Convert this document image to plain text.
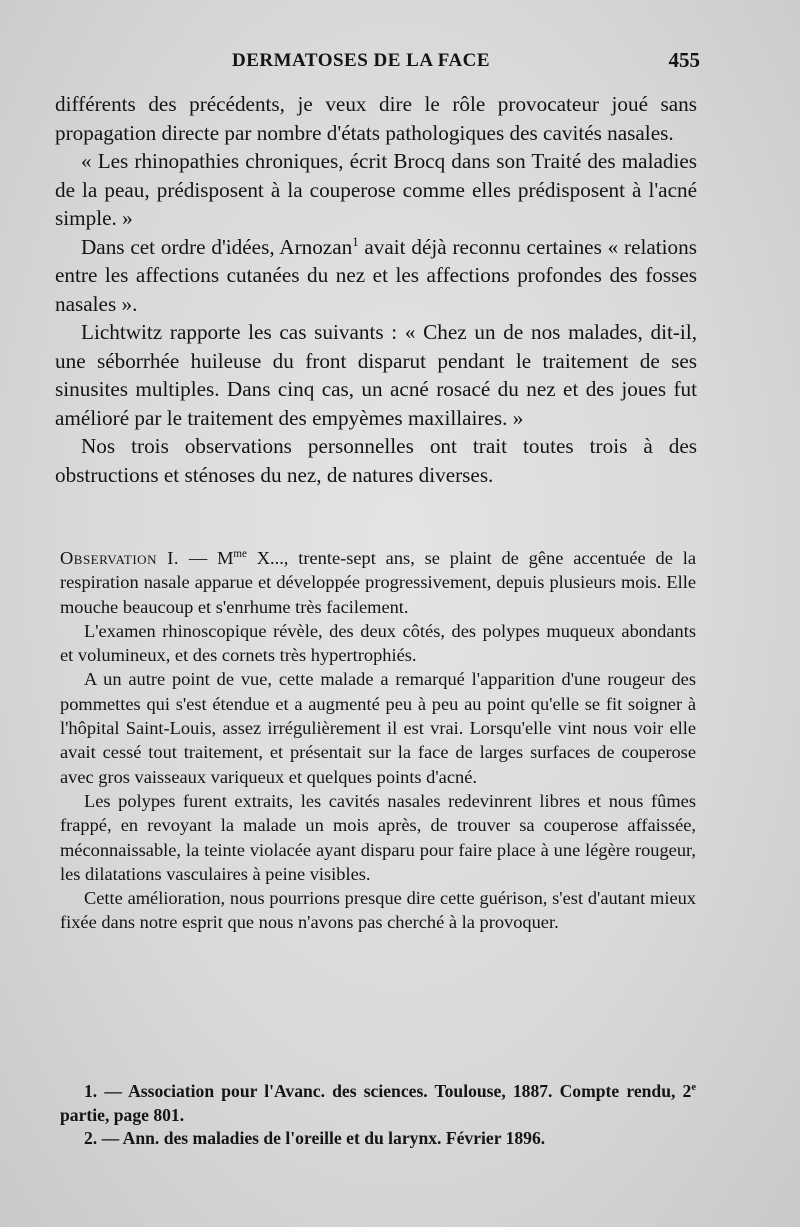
DERMATOSES DE LA FACE	455

différents des précédents, je veux dire le rôle provocateur joué sans propagation directe par nombre d'états pathologiques des cavités nasales.

« Les rhinopathies chroniques, écrit Brocq dans son Traité des maladies de la peau, prédisposent à la couperose comme elles prédisposent à l'acné simple. »

Dans cet ordre d'idées, Arnozan$^1$ avait déjà reconnu certaines « relations entre les affections cutanées du nez et les affections profondes des fosses nasales ».

Lichtwitz rapporte les cas suivants : « Chez un de nos malades, dit-il, une séborrhée huileuse du front disparut pendant le traitement de ses sinusites multiples. Dans cinq cas, un acné rosacé du nez et des joues fut amélioré par le traitement des empyèmes maxillaires. »

Nos trois observations personnelles ont trait toutes trois à des obstructions et sténoses du nez, de natures diverses.

Observation I. — $M^{me}$ X..., trente-sept ans, se plaint de gêne accentuée de la respiration nasale apparue et développée progressivement, depuis plusieurs mois. Elle mouche beaucoup et s'enrhume très facilement.

L'examen rhinoscopique révèle, des deux côtés, des polypes muqueux abondants et volumineux, et des cornets très hypertrophiés.

A un autre point de vue, cette malade a remarqué l'apparition d'une rougeur des pommettes qui s'est étendue et a augmenté peu à peu au point qu'elle se fit soigner à l'hôpital Saint-Louis, assez irrégulièrement il est vrai. Lorsqu'elle vint nous voir elle avait cessé tout traitement, et présentait sur la face de larges surfaces de couperose avec gros vaisseaux variqueux et quelques points d'acné.

Les polypes furent extraits, les cavités nasales redevinrent libres et nous fûmes frappé, en revoyant la malade un mois après, de trouver sa couperose affaissée, méconnaissable, la teinte violacée ayant disparu pour faire place à une légère rougeur, les dilatations vasculaires à peine visibles.

Cette amélioration, nous pourrions presque dire cette guérison, s'est d'autant mieux fixée dans notre esprit que nous n'avons pas cherché à la provoquer.

1. — Association pour l'Avanc. des sciences. Toulouse, 1887. Compte rendu, 2e partie, page 801.

2. — Ann. des maladies de l'oreille et du larynx. Février 1896.
